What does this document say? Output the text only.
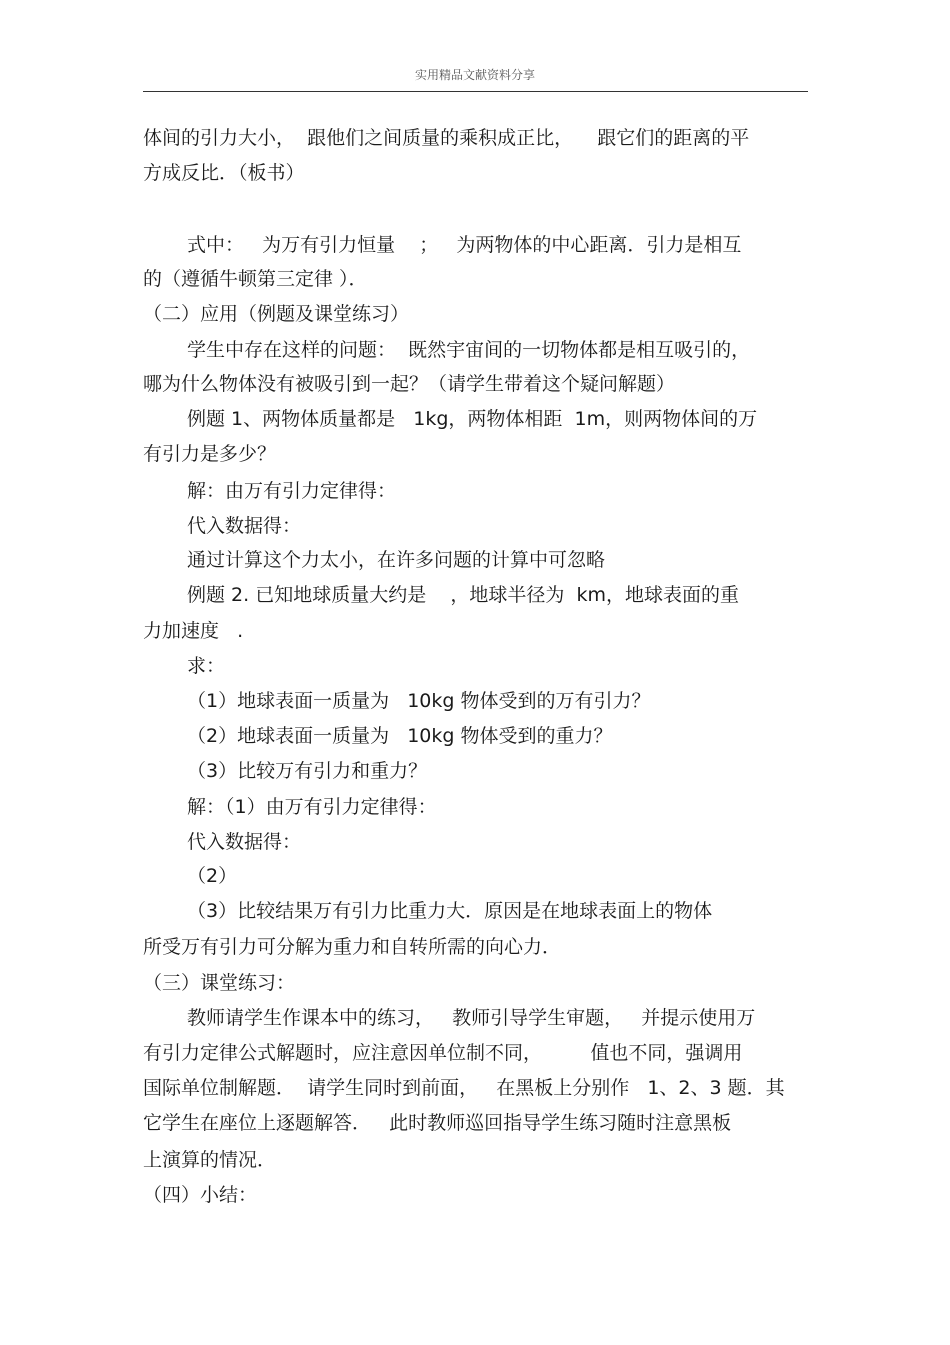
实用精品文献资料分享
体间的引力大小，  跟他们之间质量的乘积成正比，    跟它们的距离的平
方成反比．（板书）
式中：   为万有引力恒量    ；   为两物体的中心距离．引力是相互
的（遵循牛顿第三定律 ）．
（二）应用（例题及课堂练习）
学生中存在这样的问题：  既然宇宙间的一切物体都是相互吸引的，
哪为什么物体没有被吸引到一起？（请学生带着这个疑问解题）
例题 1、两物体质量都是   1kg，两物体相距  1m，则两物体间的万
有引力是多少？
解：由万有引力定律得：
代入数据得：
通过计算这个力太小，在许多问题的计算中可忽略
例题 2. 已知地球质量大约是    ，地球半径为  km，地球表面的重
力加速度   .
求：
（1）地球表面一质量为   10kg 物体受到的万有引力？
（2）地球表面一质量为   10kg 物体受到的重力？
（3）比较万有引力和重力？
解：（1）由万有引力定律得：
代入数据得：
（2）
（3）比较结果万有引力比重力大．原因是在地球表面上的物体
所受万有引力可分解为重力和自转所需的向心力．
（三）课堂练习：
教师请学生作课本中的练习，   教师引导学生审题，   并提示使用万
有引力定律公式解题时，应注意因单位制不同，        值也不同，强调用
国际单位制解题．  请学生同时到前面，   在黑板上分别作   1、2、3 题．其
它学生在座位上逐题解答．   此时教师巡回指导学生练习随时注意黑板
上演算的情况．
（四）小结：
